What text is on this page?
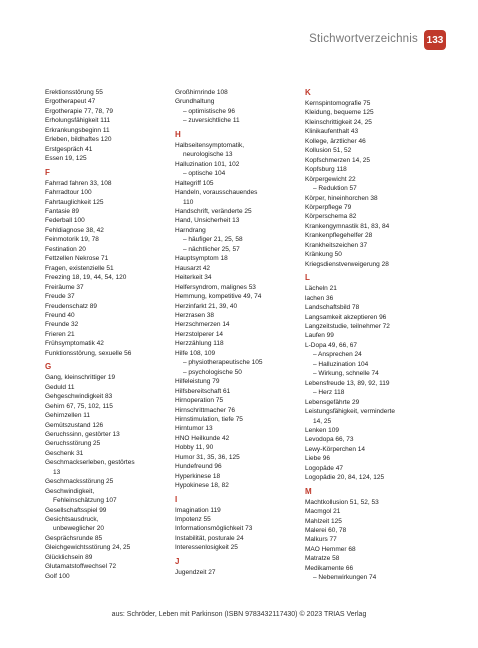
Stichwortverzeichnis 133
Erektionsstörung 55
Ergotherapeut 47
Ergotherapie 77, 78, 79
Erholungsfähigkeit 111
Erkrankungsbeginn 11
Erleben, bildhaftes 120
Erstgespräch 41
Essen 19, 125
F
Fahrrad fahren 33, 108
Fahrradtour 100
Fahrtauglichkeit 125
Fantasie 89
Federball 100
Fehldiagnose 38, 42
Feinmotorik 19, 78
Festination 20
Fettzellen Nekrose 71
Fragen, existenzielle 51
Freezing 18, 19, 44, 54, 120
Freiräume 37
Freude 37
Freudenschatz 89
Freund 40
Freunde 32
Frieren 21
Frühsymptomatik 42
Funktionsstörung, sexuelle 56
G
Gang, kleinschrittiger 19
Geduld 11
Gehgeschwindigkeit 83
Gehirn 67, 75, 102, 115
Gehirnzellen 11
Gemütszustand 126
Geruchssinn, gestörter 13
Geruchsstörung 25
Geschenk 31
Geschmackserleben, gestörtes
13
Geschmacksstörung 25
Geschwindigkeit,
Fehleinschätzung 107
Gesellschaftsspiel 99
Gesichtsausdruck,
unbeweglicher 20
Gesprächsrunde 85
Gleichgewichtsstörung 24, 25
Glücklichsein 89
Glutamatstoffwechsel 72
Golf 100
Großhirnrinde 108
Grundhaltung
– optimistische 96
– zuversichtliche 11
H
Halbseitensymptomatik,
neurologische 13
Halluzination 101, 102
– optische 104
Haltegriff 105
Handeln, vorausschauendes
110
Handschrift, veränderte 25
Hand, Unsicherheit 13
Harndrang
– häufiger 21, 25, 58
– nächtlicher 25, 57
Hauptsymptom 18
Hausarzt 42
Heiterkeit 34
Helfersyndrom, malignes 53
Hemmung, kompetitive 49, 74
Herzinfarkt 21, 39, 40
Herzrasen 38
Herzschmerzen 14
Herzstolperer 14
Herzzählung 118
Hilfe 108, 109
– physiotherapeutische 105
– psychologische 50
Hilfeleistung 79
Hilfsbereitschaft 61
Hirnoperation 75
Hirnschrittmacher 76
Hirnstimulation, tiefe 75
Hirntumor 13
HNO Heilkunde 42
Hobby 11, 90
Humor 31, 35, 36, 125
Hundefreund 96
Hyperkinese 18
Hypokinese 18, 82
I
Imagination 119
Impotenz 55
Informationsmöglichkeit 73
Instabilität, posturale 24
Interessenlosigkeit 25
J
Jugendzeit 27
K
Kernspintomografie 75
Kleidung, bequeme 125
Kleinschrittigkeit 24, 25
Klinikaufenthalt 43
Kollege, ärztlicher 46
Kollusion 51, 52
Kopfschmerzen 14, 25
Kopfsburg 118
Körpergewicht 22
– Reduktion 57
Körper, hineinhorchen 38
Körperpflege 79
Körperschema 82
Krankengymnastik 81, 83, 84
Krankenpflegehelfer 28
Krankheitszeichen 37
Kränkung 50
Kriegsdienstverweigerung 28
L
Lächeln 21
lachen 36
Landschaftsbild 78
Langsamkeit akzeptieren 96
Langzeitstudie, teilnehmer 72
Laufen 99
L-Dopa 49, 66, 67
– Ansprechen 24
– Halluzination 104
– Wirkung, schnelle 74
Lebensfreude 13, 89, 92, 119
– Herz 118
Lebensgefährte 29
Leistungsfähigkeit, verminderte
14, 25
Lenken 109
Levodopa 66, 73
Lewy-Körperchen 14
Liebe 96
Logopäde 47
Logopädie 20, 84, 124, 125
M
Machtkollusion 51, 52, 53
Macmgol 21
Mahlzeit 125
Malerei 60, 78
Malkurs 77
MAO Hemmer 68
Matratze 58
Medikamente 66
– Nebenwirkungen 74
aus: Schröder, Leben mit Parkinson (ISBN 9783432117430) © 2023 TRIAS Verlag
